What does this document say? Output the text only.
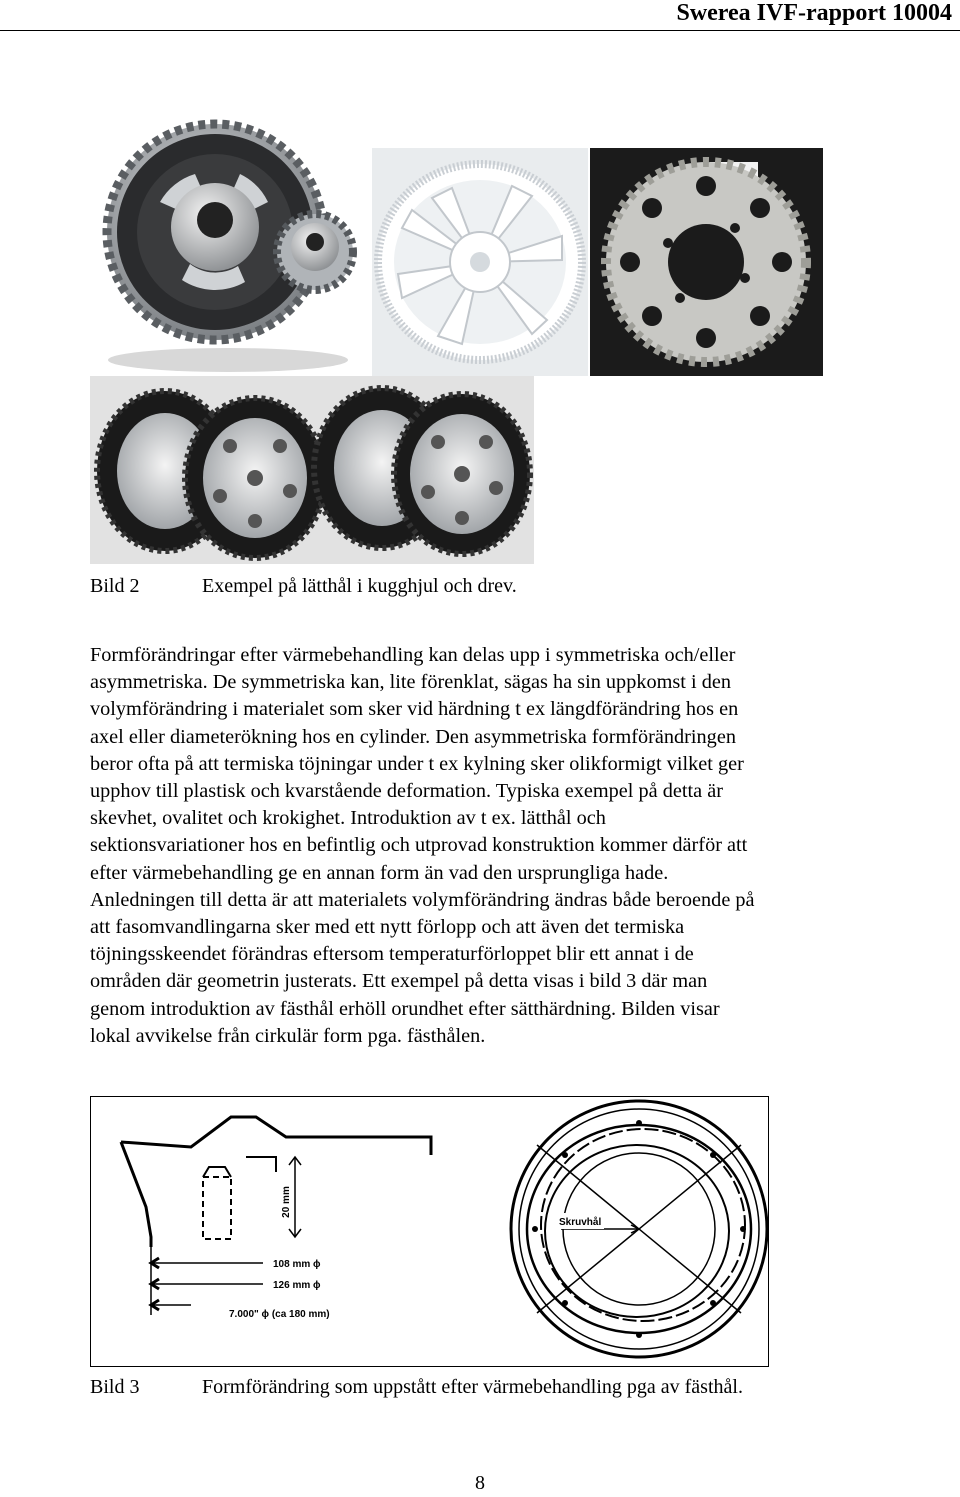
Swerea IVF-rapport 10004
Bild 2	Exempel på lätthål i kugghjul och drev.
Formförändringar efter värmebehandling kan delas upp i symmetriska och/eller
asymmetriska. De symmetriska kan, lite förenklat, sägas ha sin uppkomst i den
volymförändring i materialet som sker vid härdning t ex längdförändring hos en
axel eller diameterökning hos en cylinder. Den asymmetriska formförändringen
beror ofta på att termiska töjningar under t ex kylning sker olikformigt vilket ger
upphov till plastisk och kvarstående deformation. Typiska exempel på detta är
skevhet, ovalitet och krokighet. Introduktion av t ex. lätthål och
sektionsvariationer hos en befintlig och utprovad konstruktion kommer därför att
efter värmebehandling ge en annan form än vad den ursprungliga hade.
Anledningen till detta är att materialets volymförändring ändras både beroende på
att fasomvandlingarna sker med ett nytt förlopp och att även det termiska
töjningsskeendet förändras eftersom temperaturförloppet blir ett annat i de
områden där geometrin justerats. Ett exempel på detta visas i bild 3 där man
genom introduktion av fästhål erhöll orundhet efter sätthärdning. Bilden visar
lokal avvikelse från cirkulär form pga. fästhålen.
20 mm
108 mm ϕ
126 mm ϕ
7.000" ϕ (ca 180 mm)
Skruvhål
Bild 3	Formförändring som uppstått efter värmebehandling pga av fästhål.
8
